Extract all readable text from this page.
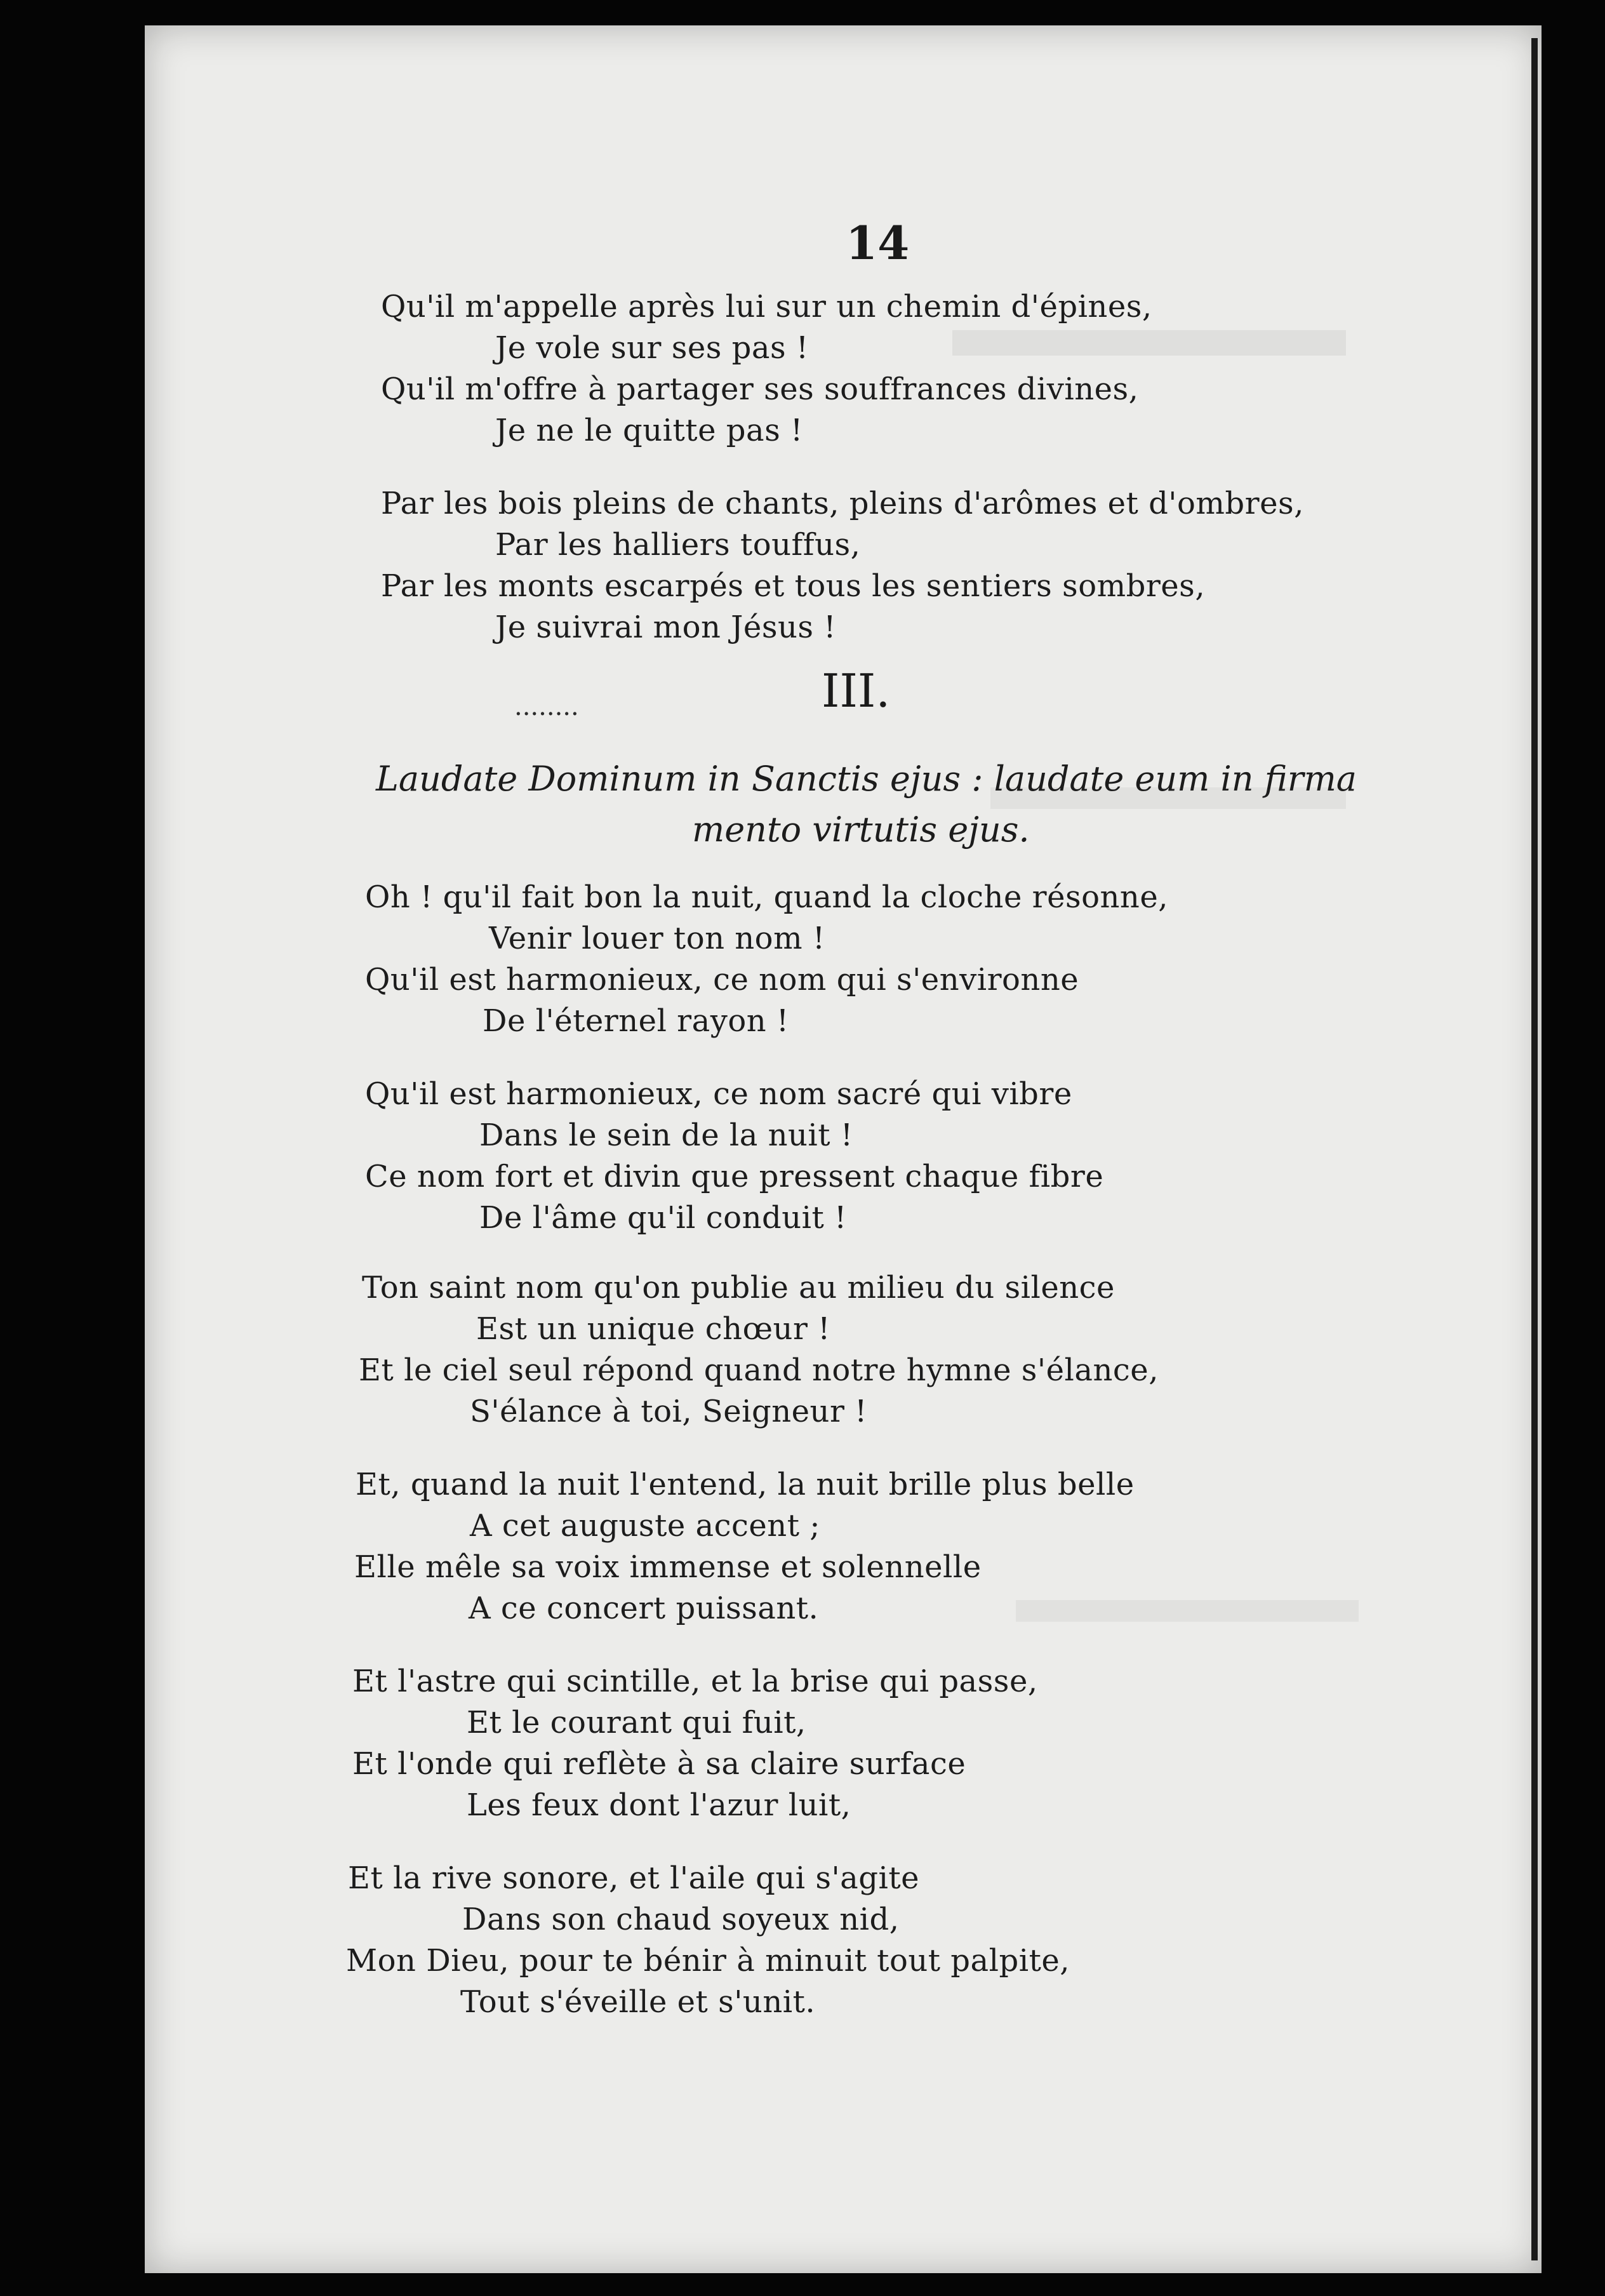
14
Qu'il m'appelle après lui sur un chemin d'épines,
Je vole sur ses pas !
Qu'il m'offre à partager ses souffrances divines,
Je ne le quitte pas !
Par les bois pleins de chants, pleins d'arômes et d'ombres,
Par les halliers touffus,
Par les monts escarpés et tous les sentiers sombres,
Je suivrai mon Jésus !
........	III.
Laudate Dominum in Sanctis ejus : laudate eum in firma
mento virtutis ejus.
Oh ! qu'il fait bon la nuit, quand la cloche résonne,
Venir louer ton nom !
Qu'il est harmonieux, ce nom qui s'environne
De l'éternel rayon !
Qu'il est harmonieux, ce nom sacré qui vibre
Dans le sein de la nuit !
Ce nom fort et divin que pressent chaque fibre
De l'âme qu'il conduit !
Ton saint nom qu'on publie au milieu du silence
Est un unique chœur !
Et le ciel seul répond quand notre hymne s'élance,
S'élance à toi, Seigneur !
Et, quand la nuit l'entend, la nuit brille plus belle
A cet auguste accent ;
Elle mêle sa voix immense et solennelle
A ce concert puissant.
Et l'astre qui scintille, et la brise qui passe,
Et le courant qui fuit,
Et l'onde qui reflète à sa claire surface
Les feux dont l'azur luit,
Et la rive sonore, et l'aile qui s'agite
Dans son chaud soyeux nid,
Mon Dieu, pour te bénir à minuit tout palpite,
Tout s'éveille et s'unit.
